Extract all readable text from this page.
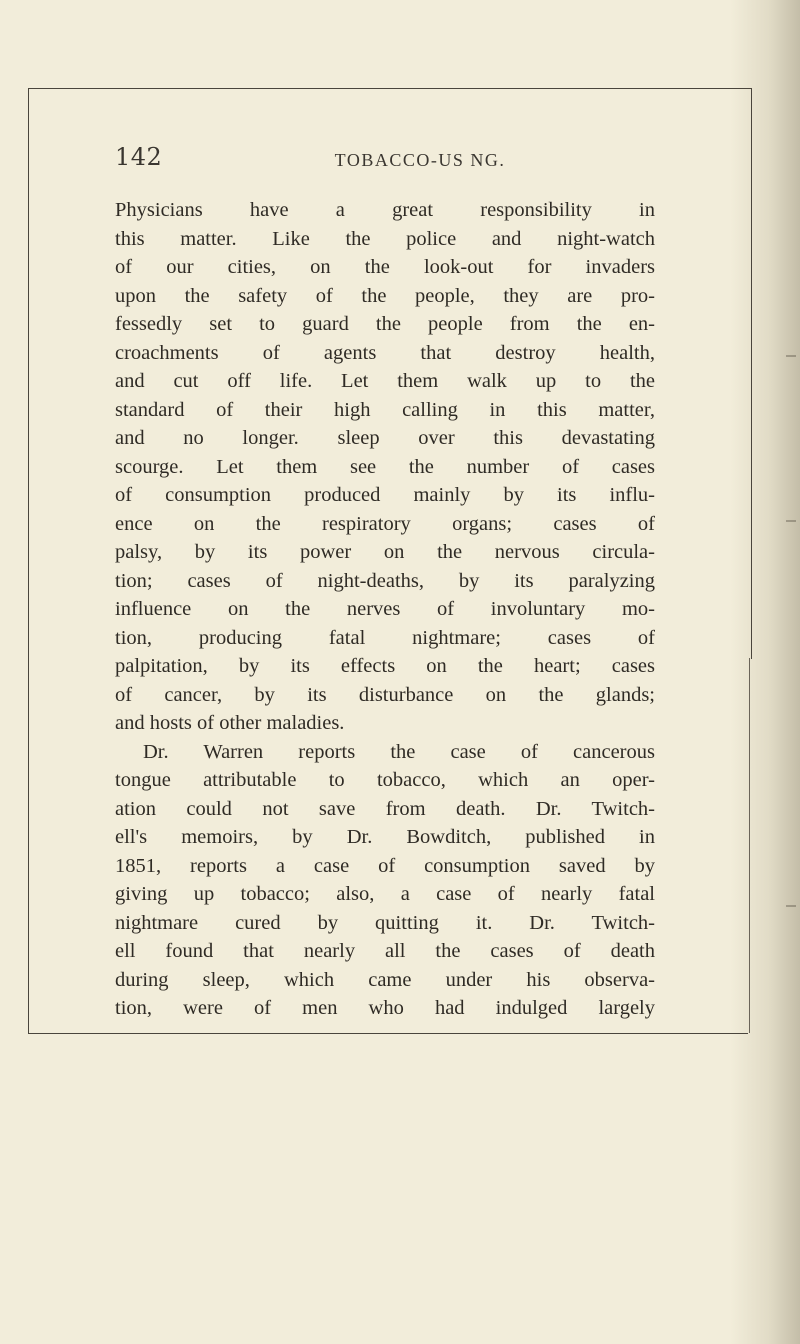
142	TOBACCO-US NG.
Physicians have a great responsibility in
this matter. Like the police and night-watch
of our cities, on the look-out for invaders
upon the safety of the people, they are pro-
fessedly set to guard the people from the en-
croachments of agents that destroy health,
and cut off life. Let them walk up to the
standard of their high calling in this matter,
and no longer. sleep over this devastating
scourge. Let them see the number of cases
of consumption produced mainly by its influ-
ence on the respiratory organs; cases of
palsy, by its power on the nervous circula-
tion; cases of night-deaths, by its paralyzing
influence on the nerves of involuntary mo-
tion, producing fatal nightmare; cases of
palpitation, by its effects on the heart; cases
of cancer, by its disturbance on the glands;
and hosts of other maladies.
Dr. Warren reports the case of cancerous
tongue attributable to tobacco, which an oper-
ation could not save from death. Dr. Twitch-
ell's memoirs, by Dr. Bowditch, published in
1851, reports a case of consumption saved by
giving up tobacco; also, a case of nearly fatal
nightmare cured by quitting it. Dr. Twitch-
ell found that nearly all the cases of death
during sleep, which came under his observa-
tion, were of men who had indulged largely
